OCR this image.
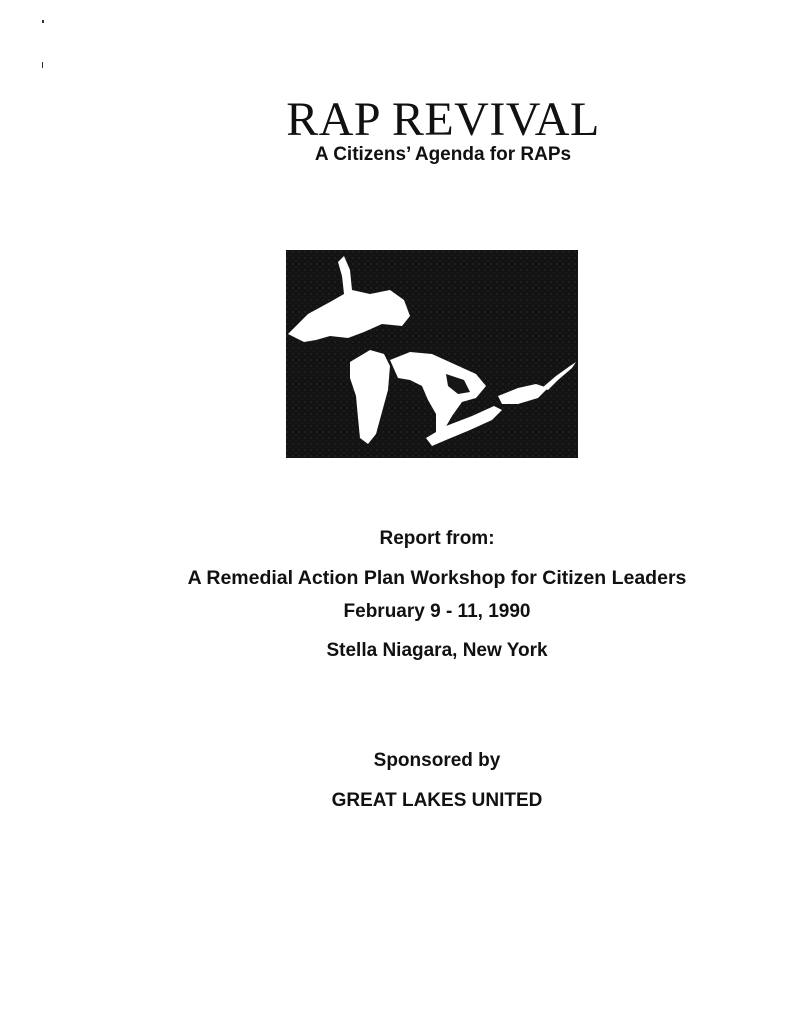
RAP REVIVAL
A Citizens’ Agenda for RAPs
Report from:
A Remedial Action Plan Workshop for Citizen Leaders
February 9 - 11, 1990
Stella Niagara, New York
Sponsored by
GREAT LAKES UNITED
